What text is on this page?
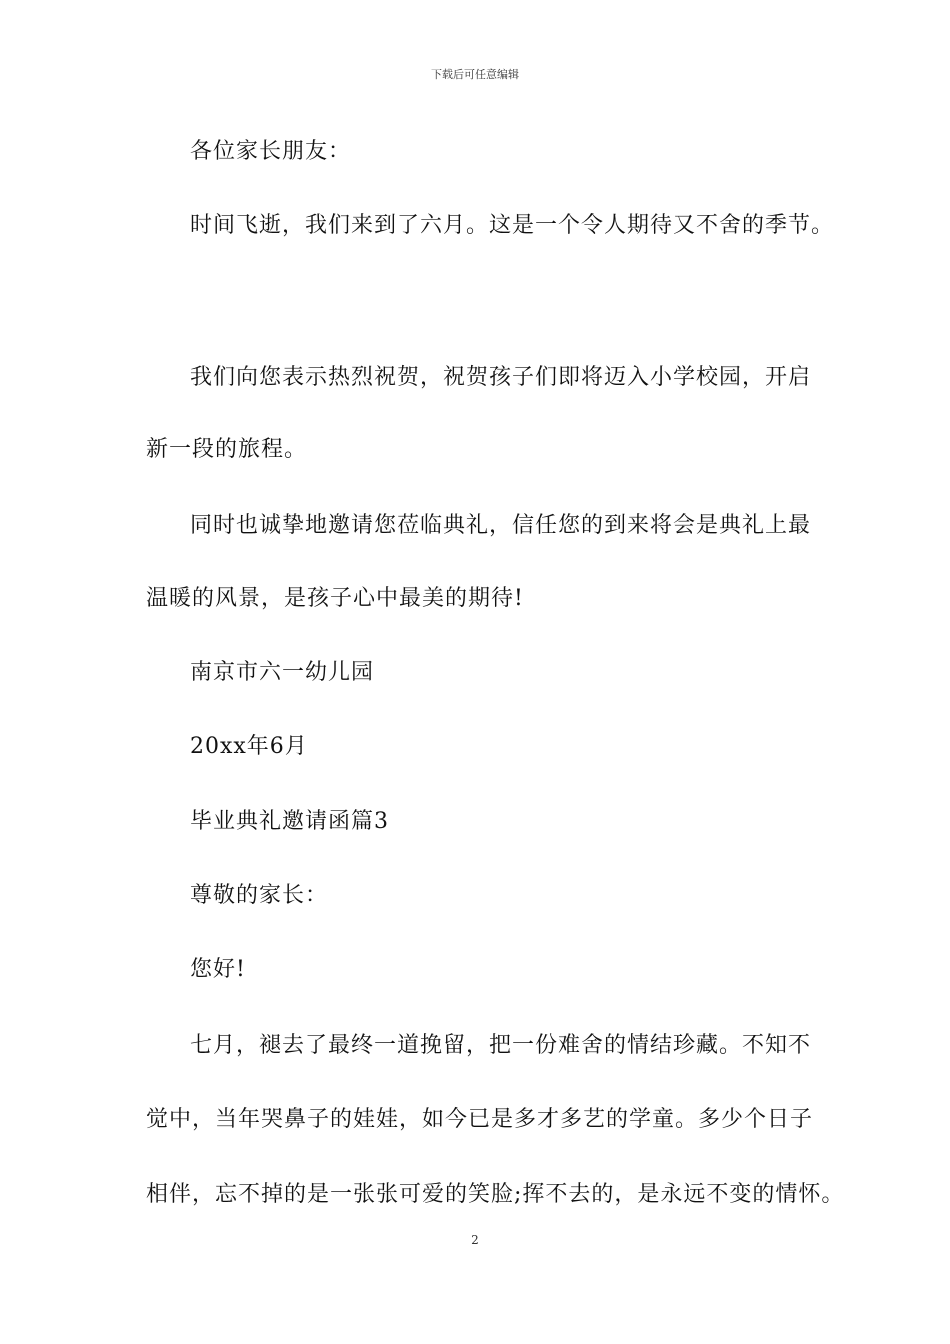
下载后可任意编辑
各位家长朋友：
时间飞逝，我们来到了六月。这是一个令人期待又不舍的季节。
我们向您表示热烈祝贺，祝贺孩子们即将迈入小学校园，开启
新一段的旅程。
同时也诚挚地邀请您莅临典礼，信任您的到来将会是典礼上最
温暖的风景，是孩子心中最美的期待!
南京市六一幼儿园
20xx年6月
毕业典礼邀请函篇3
尊敬的家长：
您好!
七月，褪去了最终一道挽留，把一份难舍的情结珍藏。不知不
觉中，当年哭鼻子的娃娃，如今已是多才多艺的学童。多少个日子
相伴，忘不掉的是一张张可爱的笑脸;挥不去的，是永远不变的情怀。
2
